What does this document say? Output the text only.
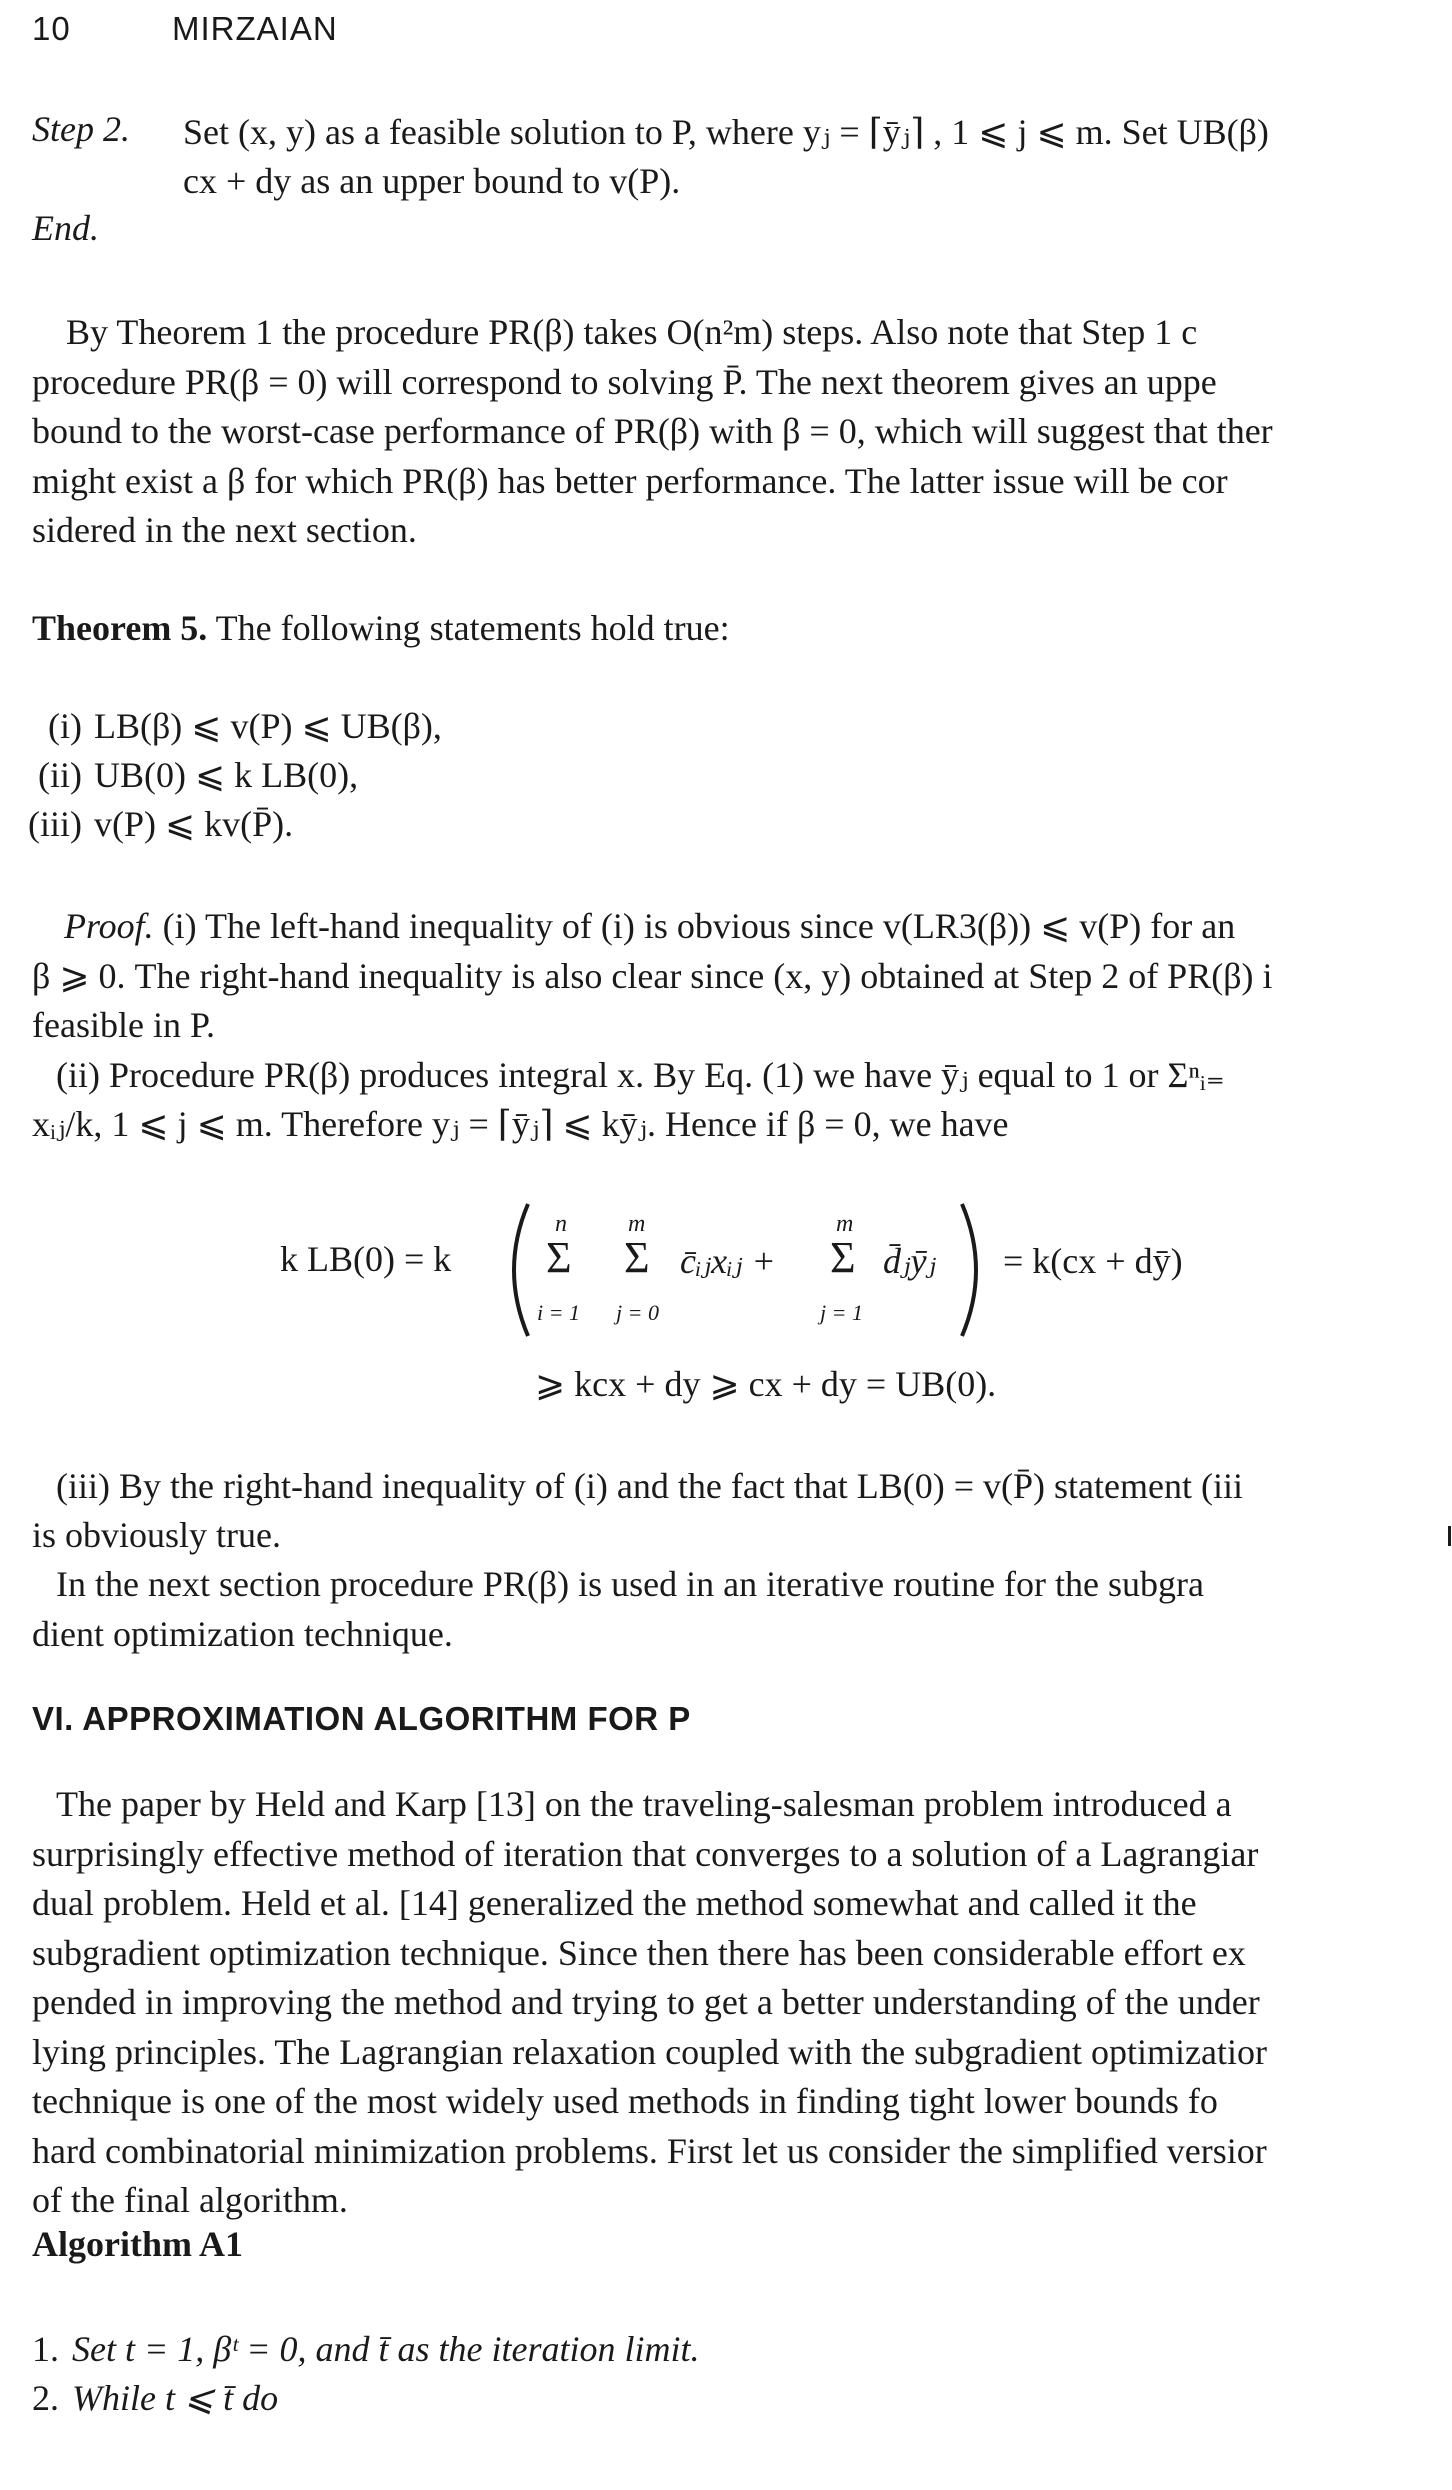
10	MIRZAIAN
Step 2. Set (x, y) as a feasible solution to P, where yⱼ = ⌈ȳⱼ⌉ , 1 ⩽ j ⩽ m. Set UB(β)
cx + dy as an upper bound to v(P).
End.
By Theorem 1 the procedure PR(β) takes O(n²m) steps. Also note that Step 1 c
procedure PR(β = 0) will correspond to solving P̄. The next theorem gives an uppe
bound to the worst-case performance of PR(β) with β = 0, which will suggest that ther
might exist a β for which PR(β) has better performance. The latter issue will be cor
sidered in the next section.
Theorem 5. The following statements hold true:
(i) LB(β) ⩽ v(P) ⩽ UB(β),
(ii) UB(0) ⩽ k LB(0),
(iii) v(P) ⩽ kv(P̄).
Proof. (i) The left-hand inequality of (i) is obvious since v(LR3(β)) ⩽ v(P) for an
β ⩾ 0. The right-hand inequality is also clear since (x, y) obtained at Step 2 of PR(β) i
feasible in P.
(ii) Procedure PR(β) produces integral x. By Eq. (1) we have ȳⱼ equal to 1 or Σⁿᵢ₌
xᵢⱼ/k, 1 ⩽ j ⩽ m. Therefore yⱼ = ⌈ȳⱼ⌉ ⩽ kȳⱼ. Hence if β = 0, we have
k LB(0) = k
n
Σ
i = 1
m
Σ
j = 0
c̄ᵢⱼxᵢⱼ +
m
Σ
j = 1
d̄ⱼȳⱼ = k(cx + dȳ)
⩾ kcx + dy ⩾ cx + dy = UB(0).
(iii) By the right-hand inequality of (i) and the fact that LB(0) = v(P̄) statement (iii
is obviously true.
In the next section procedure PR(β) is used in an iterative routine for the subgra
dient optimization technique.
VI. APPROXIMATION ALGORITHM FOR P
The paper by Held and Karp [13] on the traveling-salesman problem introduced a
surprisingly effective method of iteration that converges to a solution of a Lagrangiar
dual problem. Held et al. [14] generalized the method somewhat and called it the
subgradient optimization technique. Since then there has been considerable effort ex
pended in improving the method and trying to get a better understanding of the under
lying principles. The Lagrangian relaxation coupled with the subgradient optimizatior
technique is one of the most widely used methods in finding tight lower bounds fo
hard combinatorial minimization problems. First let us consider the simplified versior
of the final algorithm.
Algorithm A1
1. Set t = 1, βᵗ = 0, and t̄ as the iteration limit.
2. While t ⩽ t̄ do
